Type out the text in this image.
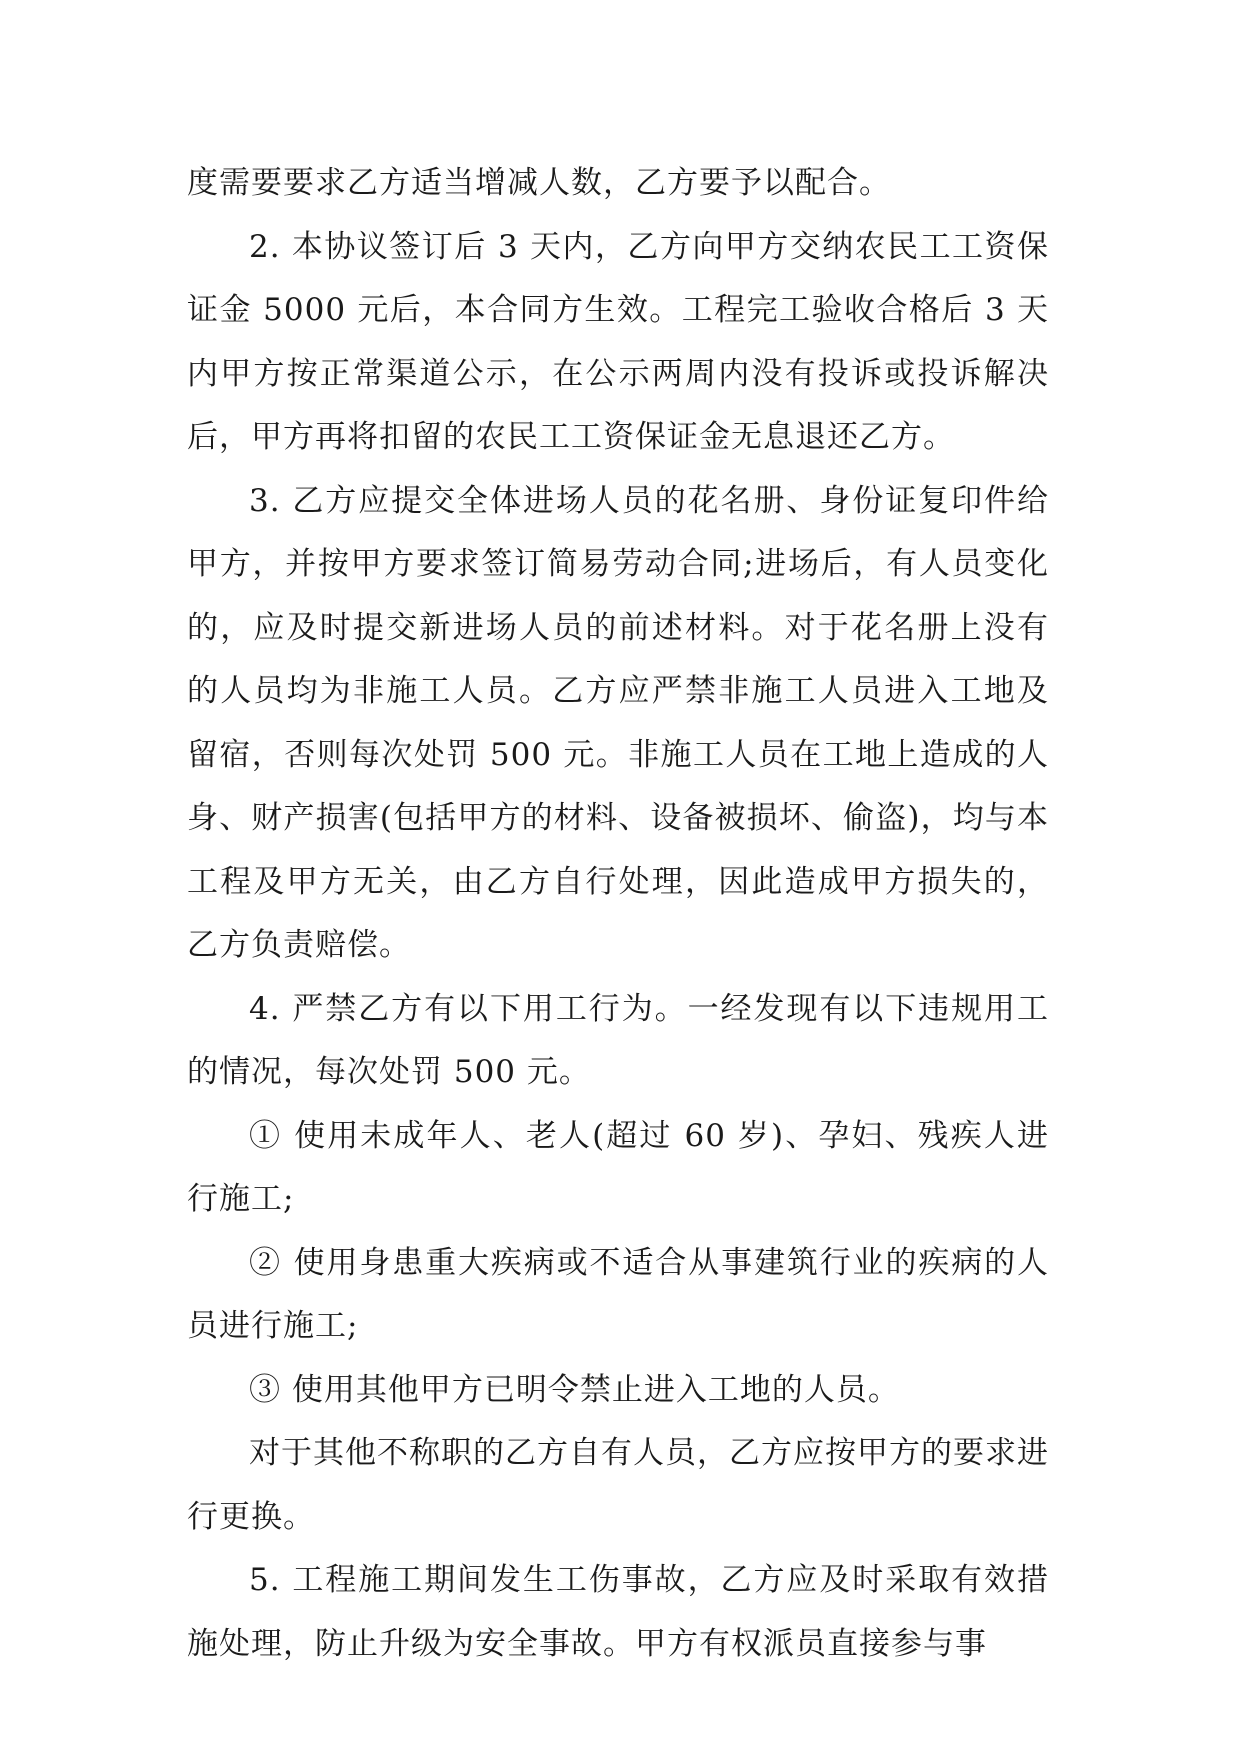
度需要要求乙方适当增减人数，乙方要予以配合。

2. 本协议签订后 3 天内，乙方向甲方交纳农民工工资保证金 5000 元后，本合同方生效。工程完工验收合格后 3 天内甲方按正常渠道公示，在公示两周内没有投诉或投诉解决后，甲方再将扣留的农民工工资保证金无息退还乙方。

3. 乙方应提交全体进场人员的花名册、身份证复印件给甲方，并按甲方要求签订简易劳动合同;进场后，有人员变化的，应及时提交新进场人员的前述材料。对于花名册上没有的人员均为非施工人员。乙方应严禁非施工人员进入工地及留宿，否则每次处罚 500 元。非施工人员在工地上造成的人身、财产损害(包括甲方的材料、设备被损坏、偷盗)，均与本工程及甲方无关，由乙方自行处理，因此造成甲方损失的，乙方负责赔偿。

4. 严禁乙方有以下用工行为。一经发现有以下违规用工的情况，每次处罚 500 元。

① 使用未成年人、老人(超过 60 岁)、孕妇、残疾人进行施工;

② 使用身患重大疾病或不适合从事建筑行业的疾病的人员进行施工;

③ 使用其他甲方已明令禁止进入工地的人员。

对于其他不称职的乙方自有人员，乙方应按甲方的要求进行更换。

5. 工程施工期间发生工伤事故，乙方应及时采取有效措施处理，防止升级为安全事故。甲方有权派员直接参与事
